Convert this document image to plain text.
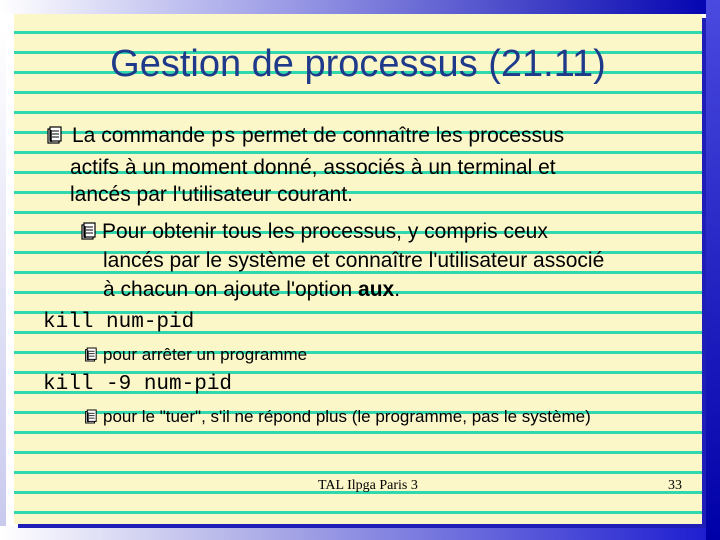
Gestion de processus (21.11)
La commande ps permet de connaître les processus
actifs à un moment donné, associés à un terminal et
lancés par l'utilisateur courant.
Pour obtenir tous les processus, y compris ceux
lancés par le système et connaître l'utilisateur associé
à chacun on ajoute l'option aux.
kill num-pid
pour arrêter un programme
kill -9 num-pid
pour le "tuer", s'il ne répond plus (le programme, pas le système)
TAL Ilpga Paris 3	33
